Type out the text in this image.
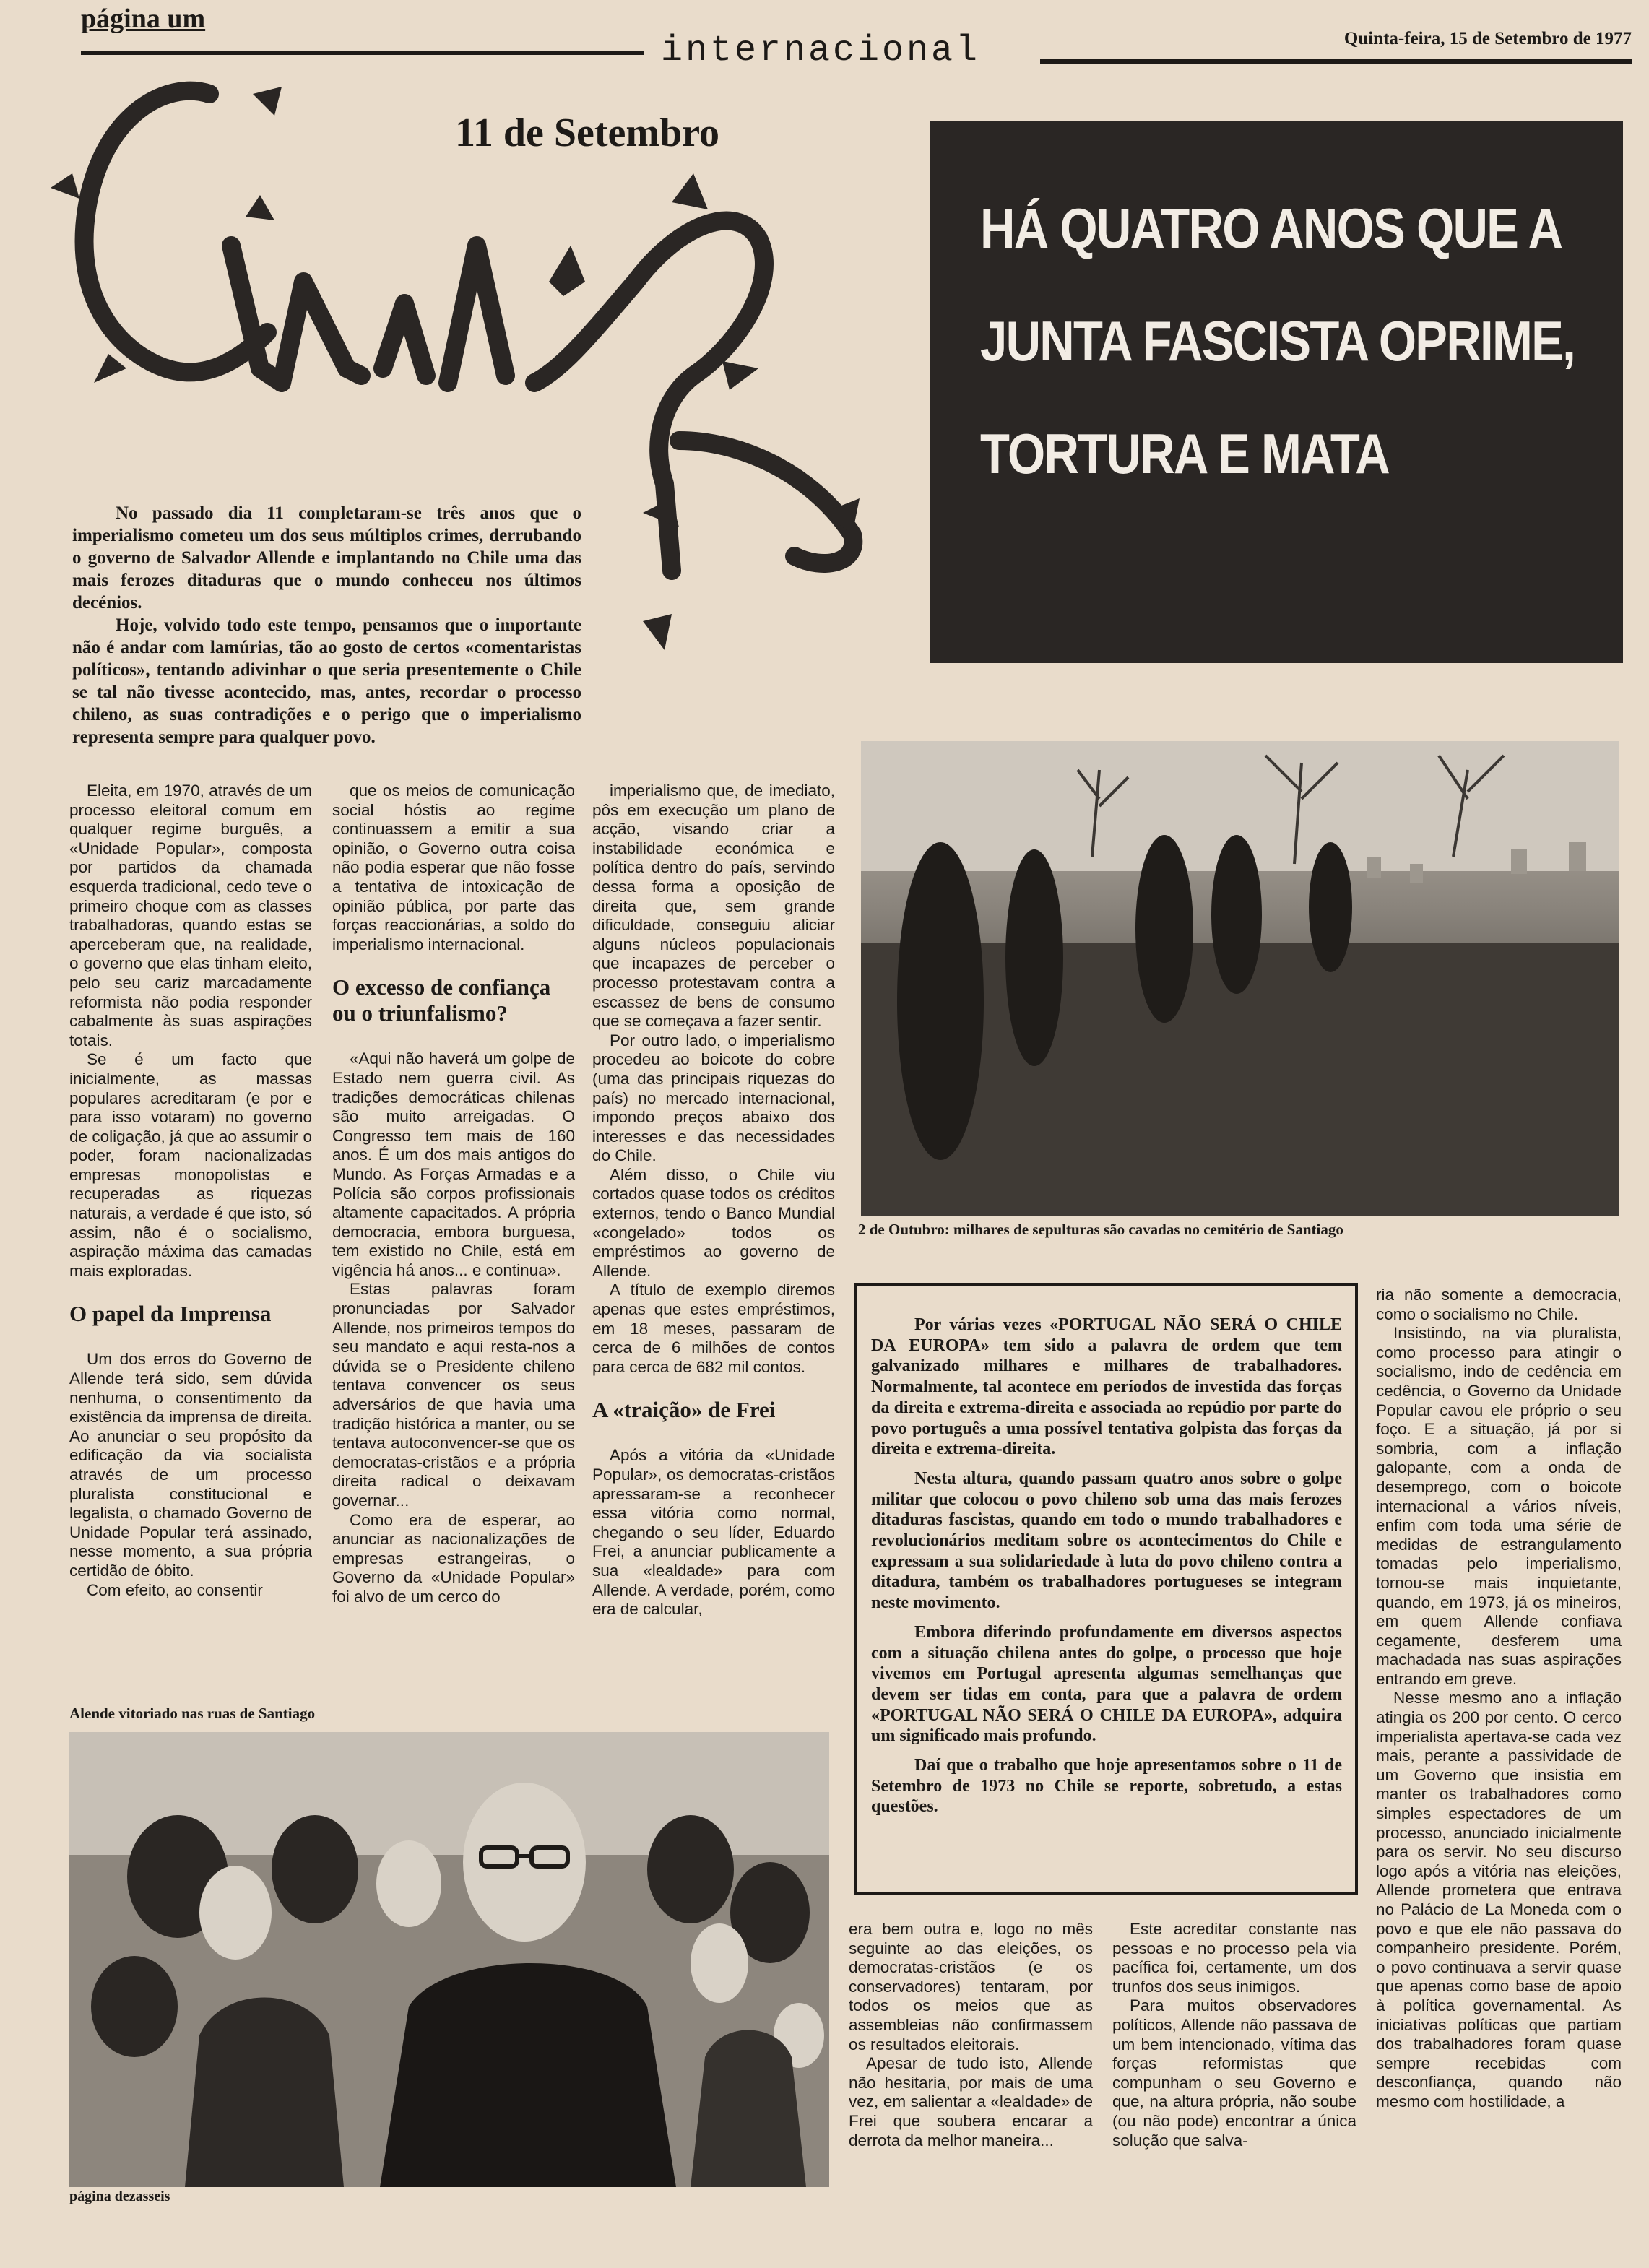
página um
internacional	Quinta-feira, 15 de Setembro de 1977
11 de Setembro
HÁ QUATRO ANOS QUE A JUNTA FASCISTA OPRIME, TORTURA E MATA

No passado dia 11 completaram-se três anos que o imperialismo cometeu um dos seus múltiplos crimes, derrubando o governo de Salvador Allende e implantando no Chile uma das mais ferozes ditaduras que o mundo conheceu nos últimos decénios.

Hoje, volvido todo este tempo, pensamos que o importante não é andar com lamúrias, tão ao gosto de certos «comentaristas políticos», tentando adivinhar o que seria presentemente o Chile se tal não tivesse acontecido, mas, antes, recordar o processo chileno, as suas contradições e o perigo que o imperialismo representa sempre para qualquer povo.

Eleita, em 1970, através de um processo eleitoral comum em qualquer regime burguês, a «Unidade Popular», composta por partidos da chamada esquerda tradicional, cedo teve o primeiro choque com as classes trabalhadoras, quando estas se aperceberam que, na realidade, o governo que elas tinham eleito, pelo seu cariz marcadamente reformista não podia responder cabalmente às suas aspirações totais.

Se é um facto que inicialmente, as massas populares acreditaram (e por e para isso votaram) no governo de coligação, já que ao assumir o poder, foram nacionalizadas empresas monopolistas e recuperadas as riquezas naturais, a verdade é que isto, só assim, não é o socialismo, aspiração máxima das camadas mais exploradas.

O papel da Imprensa

Um dos erros do Governo de Allende terá sido, sem dúvida nenhuma, o consentimento da existência da imprensa de direita. Ao anunciar o seu propósito da edificação da via socialista através de um processo pluralista constitucional e legalista, o chamado Governo de Unidade Popular terá assinado, nesse momento, a sua própria certidão de óbito.

Com efeito, ao consentir

que os meios de comunicação social hóstis ao regime continuassem a emitir a sua opinião, o Governo outra coisa não podia esperar que não fosse a tentativa de intoxicação de opinião pública, por parte das forças reaccionárias, a soldo do imperialismo internacional.

O excesso de confiança ou o triunfalismo?

«Aqui não haverá um golpe de Estado nem guerra civil. As tradições democráticas chilenas são muito arreigadas. O Congresso tem mais de 160 anos. É um dos mais antigos do Mundo. As Forças Armadas e a Polícia são corpos profissionais altamente capacitados. A própria democracia, embora burguesa, tem existido no Chile, está em vigência há anos... e continua».

Estas palavras foram pronunciadas por Salvador Allende, nos primeiros tempos do seu mandato e aqui resta-nos a dúvida se o Presidente chileno tentava convencer os seus adversários de que havia uma tradição histórica a manter, ou se tentava autoconvencer-se que os democratas-cristãos e a própria direita radical o deixavam governar...

Como era de esperar, ao anunciar as nacionalizações de empresas estrangeiras, o Governo da «Unidade Popular» foi alvo de um cerco do

imperialismo que, de imediato, pôs em execução um plano de acção, visando criar a instabilidade económica e política dentro do país, servindo dessa forma a oposição de direita que, sem grande dificuldade, conseguiu aliciar alguns núcleos populacionais que incapazes de perceber o processo protestavam contra a escassez de bens de consumo que se começava a fazer sentir.

Por outro lado, o imperialismo procedeu ao boicote do cobre (uma das principais riquezas do país) no mercado internacional, impondo preços abaixo dos interesses e das necessidades do Chile.

Além disso, o Chile viu cortados quase todos os créditos externos, tendo o Banco Mundial «congelado» todos os empréstimos ao governo de Allende.

A título de exemplo diremos apenas que estes empréstimos, em 18 meses, passaram de cerca de 6 milhões de contos para cerca de 682 mil contos.

A «traição» de Frei

Após a vitória da «Unidade Popular», os democratas-cristãos apressaram-se a reconhecer essa vitória como normal, chegando o seu líder, Eduardo Frei, a anunciar publicamente a sua «lealdade» para com Allende. A verdade, porém, como era de calcular,

2 de Outubro: milhares de sepulturas são cavadas no cemitério de Santiago

Por várias vezes «PORTUGAL NÃO SERÁ O CHILE DA EUROPA» tem sido a palavra de ordem que tem galvanizado milhares e milhares de trabalhadores. Normalmente, tal acontece em períodos de investida das forças da direita e extrema-direita e associada ao repúdio por parte do povo português a uma possível tentativa golpista das forças da direita e extrema-direita.

Nesta altura, quando passam quatro anos sobre o golpe militar que colocou o povo chileno sob uma das mais ferozes ditaduras fascistas, quando em todo o mundo trabalhadores e revolucionários meditam sobre os acontecimentos do Chile e expressam a sua solidariedade à luta do povo chileno contra a ditadura, também os trabalhadores portugueses se integram neste movimento.

Embora diferindo profundamente em diversos aspectos com a situação chilena antes do golpe, o processo que hoje vivemos em Portugal apresenta algumas semelhanças que devem ser tidas em conta, para que a palavra de ordem «PORTUGAL NÃO SERÁ O CHILE DA EUROPA», adquira um significado mais profundo.

Daí que o trabalho que hoje apresentamos sobre o 11 de Setembro de 1973 no Chile se reporte, sobretudo, a estas questões.

ria não somente a democracia, como o socialismo no Chile.

Insistindo, na via pluralista, como processo para atingir o socialismo, indo de cedência em cedência, o Governo da Unidade Popular cavou ele próprio o seu foço. E a situação, já por si sombria, com a inflação galopante, com a onda de desemprego, com o boicote internacional a vários níveis, enfim com toda uma série de medidas de estrangulamento tomadas pelo imperialismo, tornou-se mais inquietante, quando, em 1973, já os mineiros, em quem Allende confiava cegamente, desferem uma machadada nas suas aspirações entrando em greve.

Nesse mesmo ano a inflação atingia os 200 por cento. O cerco imperialista apertava-se cada vez mais, perante a passividade de um Governo que insistia em manter os trabalhadores como simples espectadores de um processo, anunciado inicialmente para os servir. No seu discurso logo após a vitória nas eleições, Allende prometera que entrava no Palácio de La Moneda com o povo e que ele não passava do companheiro presidente. Porém, o povo continuava a servir quase que apenas como base de apoio à política governamental. As iniciativas políticas que partiam dos trabalhadores foram quase sempre recebidas com desconfiança, quando não mesmo com hostilidade, a

Alende vitoriado nas ruas de Santiago

era bem outra e, logo no mês seguinte ao das eleições, os democratas-cristãos (e os conservadores) tentaram, por todos os meios que as assembleias não confirmassem os resultados eleitorais.

Apesar de tudo isto, Allende não hesitaria, por mais de uma vez, em salientar a «lealdade» de Frei que soubera encarar a derrota da melhor maneira...

Este acreditar constante nas pessoas e no processo pela via pacífica foi, certamente, um dos trunfos dos seus inimigos.

Para muitos observadores políticos, Allende não passava de um bem intencionado, vítima das forças reformistas que compunham o seu Governo e que, na altura própria, não soube (ou não pode) encontrar a única solução que salva-

página dezasseis
